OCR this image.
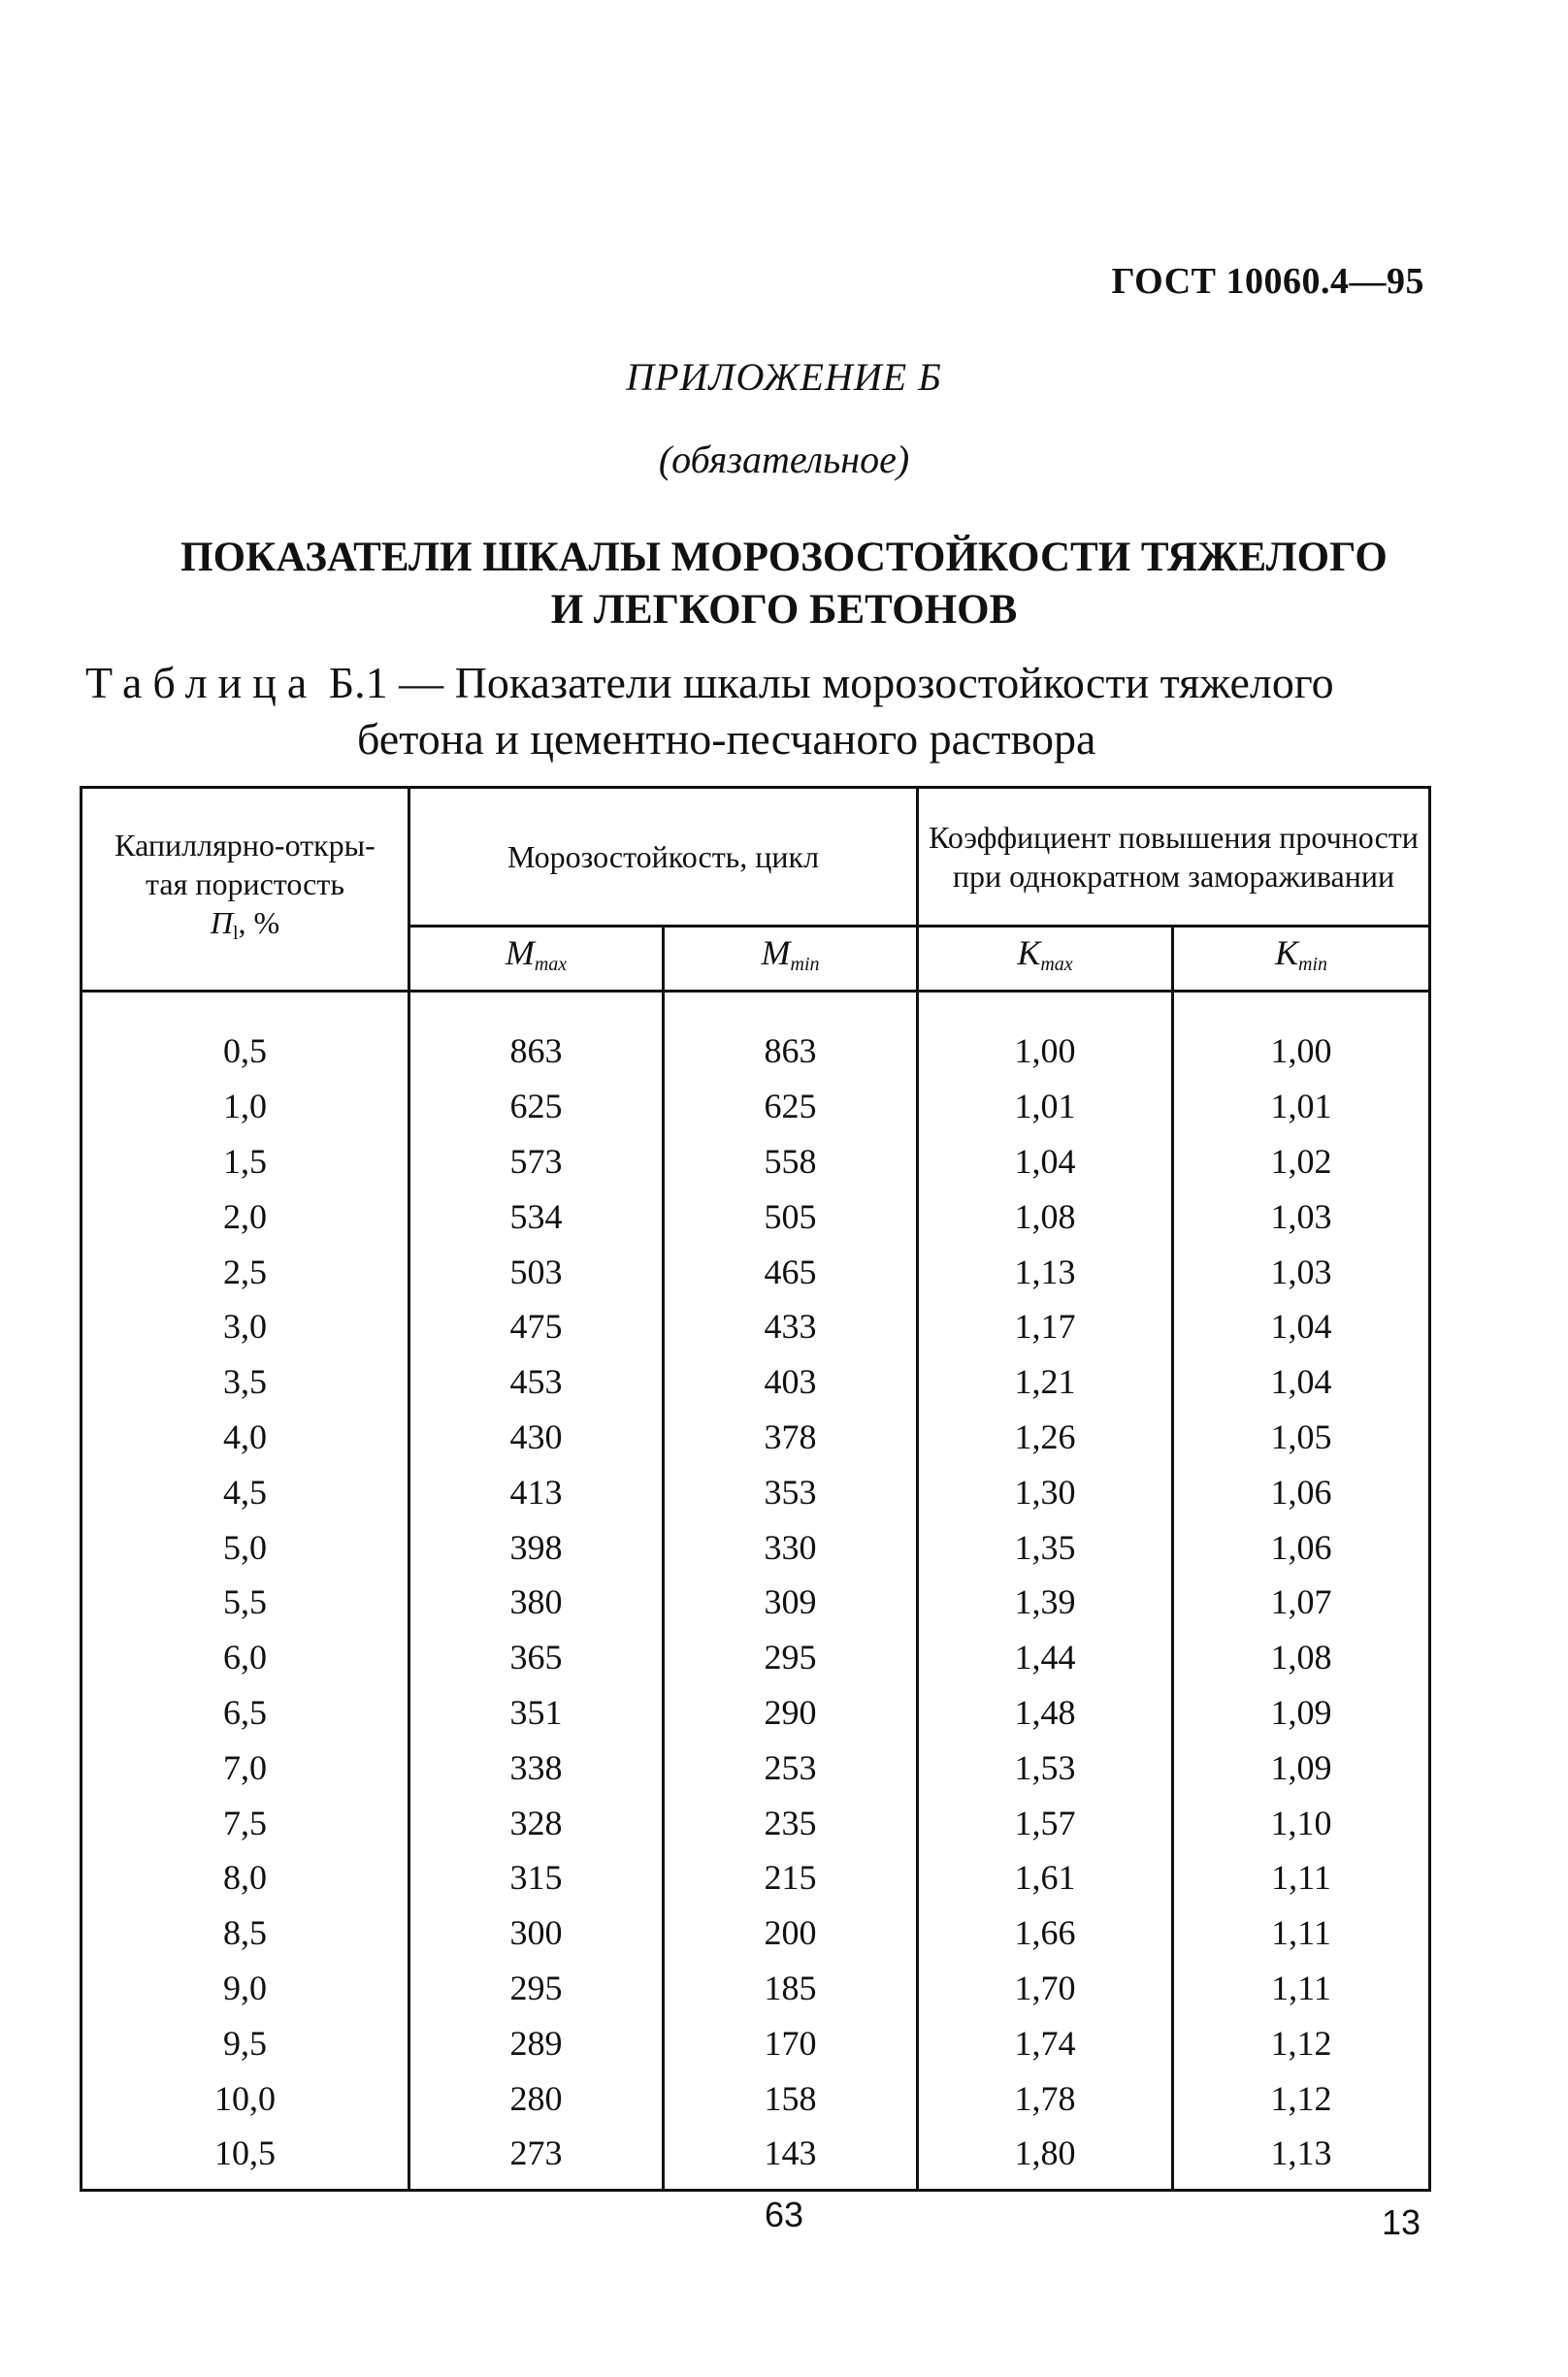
ГОСТ 10060.4—95
ПРИЛОЖЕНИЕ Б
(обязательное)
ПОКАЗАТЕЛИ ШКАЛЫ МОРОЗОСТОЙКОСТИ ТЯЖЕЛОГО
И ЛЕГКОГО БЕТОНОВ
Таблица Б.1 — Показатели шкалы морозостойкости тяжелого
бетона и цементно-песчаного раствора
Капиллярно-откры-
тая пористость
$П_l$, %	Морозостойкость, цикл		Коэффициент повышения прочности при однократном замораживании	
	$M_{max}$	$M_{min}$	$K_{max}$	$K_{min}$
0,5	863	863	1,00	1,00
1,0	625	625	1,01	1,01
1,5	573	558	1,04	1,02
2,0	534	505	1,08	1,03
2,5	503	465	1,13	1,03
3,0	475	433	1,17	1,04
3,5	453	403	1,21	1,04
4,0	430	378	1,26	1,05
4,5	413	353	1,30	1,06
5,0	398	330	1,35	1,06
5,5	380	309	1,39	1,07
6,0	365	295	1,44	1,08
6,5	351	290	1,48	1,09
7,0	338	253	1,53	1,09
7,5	328	235	1,57	1,10
8,0	315	215	1,61	1,11
8,5	300	200	1,66	1,11
9,0	295	185	1,70	1,11
9,5	289	170	1,74	1,12
10,0	280	158	1,78	1,12
10,5	273	143	1,80	1,13
63	13
